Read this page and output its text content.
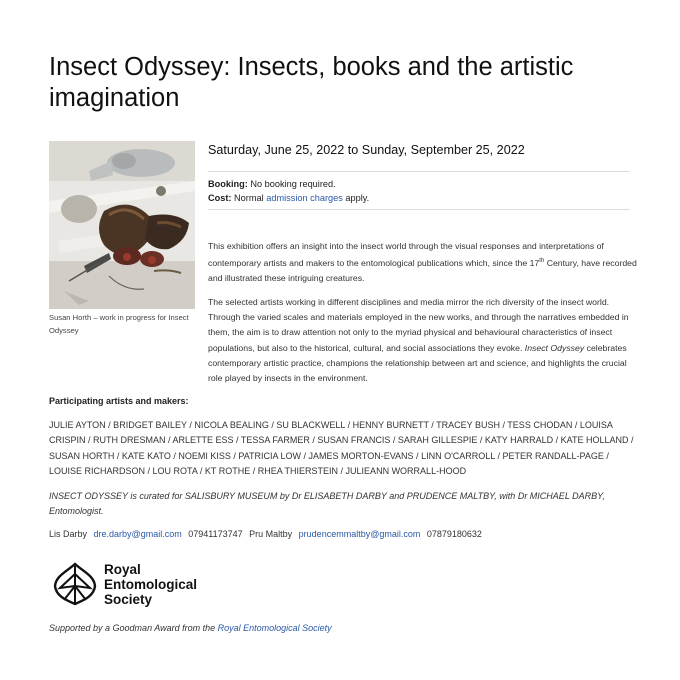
Insect Odyssey: Insects, books and the artistic imagination
Susan Horth – work in progress for Insect Odyssey
Saturday, June 25, 2022 to Sunday, September 25, 2022
Booking: No booking required.
Cost: Normal admission charges apply.

This exhibition offers an insight into the insect world through the visual responses and interpretations of contemporary artists and makers to the entomological publications which, since the 17th Century, have recorded and illustrated these intriguing creatures.

The selected artists working in different disciplines and media mirror the rich diversity of the insect world. Through the varied scales and materials employed in the new works, and through the narratives embedded in them, the aim is to draw attention not only to the myriad physical and behavioural characteristics of insect populations, but also to the historical, cultural, and social associations they evoke. Insect Odyssey celebrates contemporary artistic practice, champions the relationship between art and science, and highlights the crucial role played by insects in the environment.
Participating artists and makers:

JULIE AYTON / BRIDGET BAILEY / NICOLA BEALING / SU BLACKWELL / HENNY BURNETT / TRACEY BUSH / TESS CHODAN / LOUISA CRISPIN / RUTH DRESMAN / ARLETTE ESS / TESSA FARMER / SUSAN FRANCIS / SARAH GILLESPIE / KATY HARRALD / KATE HOLLAND / SUSAN HORTH / KATE KATO / NOEMI KISS / PATRICIA LOW / JAMES MORTON-EVANS / LINN O'CARROLL / PETER RANDALL-PAGE / LOUISE RICHARDSON / LOU ROTA / KT ROTHE / RHEA THIERSTEIN / JULIEANN WORRALL-HOOD

INSECT ODYSSEY is curated for SALISBURY MUSEUM by Dr ELISABETH DARBY and PRUDENCE MALTBY, with Dr MICHAEL DARBY, Entomologist.

Lis Darby dre.darby@gmail.com 07941173747 Pru Maltby prudencemmaltby@gmail.com 07879180632
Royal
Entomological
Society
Supported by a Goodman Award from the Royal Entomological Society
